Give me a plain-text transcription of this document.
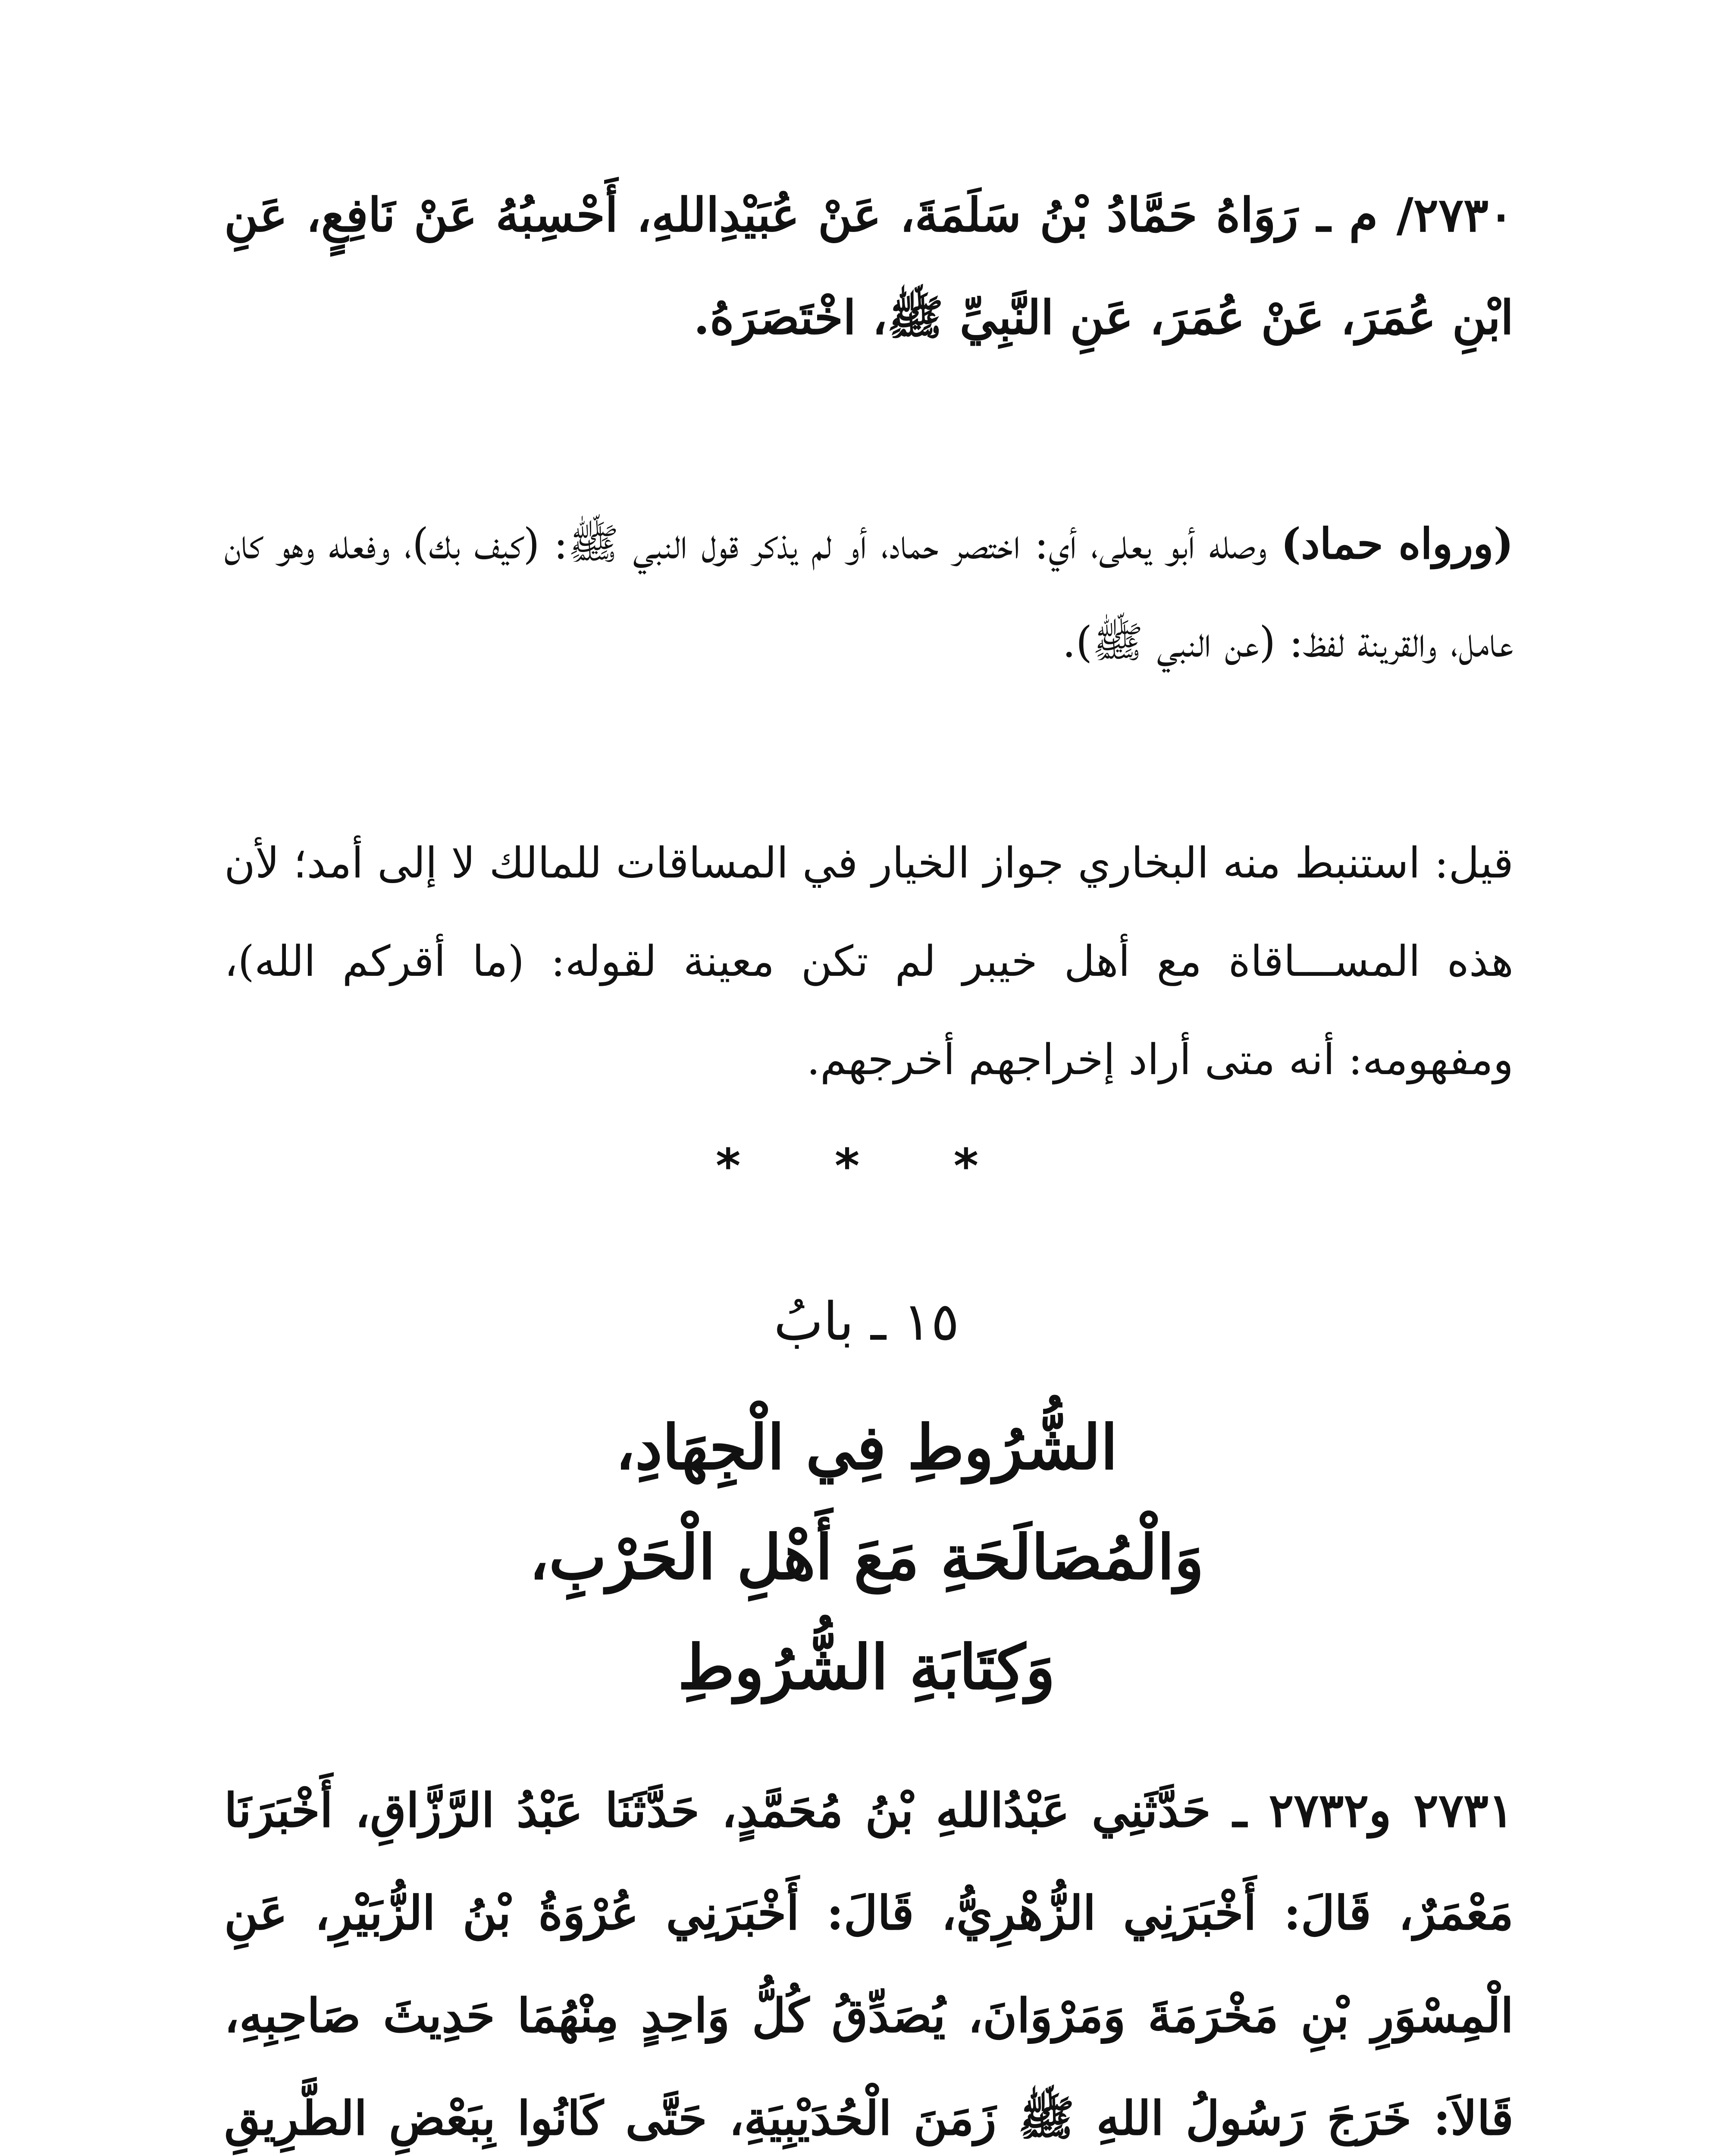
٢٧٣٠/ م ـ رَوَاهُ حَمَّادُ بْنُ سَلَمَةَ، عَنْ عُبَيْدِاللهِ، أَحْسِبُهُ عَنْ نَافِعٍ، عَنِ ابْنِ عُمَرَ، عَنْ عُمَرَ، عَنِ النَّبِيِّ ﷺ، اخْتَصَرَهُ.

(ورواه حماد) وصله أبو يعلى، أي: اختصر حماد، أو لم يذكر قول النبي ﷺ: (كيف بك)، وفعله وهو كان عامل، والقرينة لفظ: (عن النبي ﷺ).

قيل: استنبط منه البخاري جواز الخيار في المساقات للمالك لا إلى أمد؛ لأن هذه المســـاقاة مع أهل خيبر لم تكن معينة لقوله: (ما أقركم الله)، ومفهومه: أنه متى أراد إخراجهم أخرجهم.

* * *
١٥ ـ بابُ
الشُّرُوطِ فِي الْجِهَادِ،
وَالْمُصَالَحَةِ مَعَ أَهْلِ الْحَرْبِ،
وَكِتَابَةِ الشُّرُوطِ

٢٧٣١ و٢٧٣٢ ـ حَدَّثَنِي عَبْدُاللهِ بْنُ مُحَمَّدٍ، حَدَّثَنَا عَبْدُ الرَّزَّاقِ، أَخْبَرَنَا مَعْمَرٌ، قَالَ: أَخْبَرَنِي الزُّهْرِيُّ، قَالَ: أَخْبَرَنِي عُرْوَةُ بْنُ الزُّبَيْرِ، عَنِ الْمِسْوَرِ بْنِ مَخْرَمَةَ وَمَرْوَانَ، يُصَدِّقُ كُلُّ وَاحِدٍ مِنْهُمَا حَدِيثَ صَاحِبِهِ، قَالاَ: خَرَجَ رَسُولُ اللهِ ﷺ زَمَنَ الْحُدَيْبِيَةِ، حَتَّى كَانُوا بِبَعْضِ الطَّرِيقِ
